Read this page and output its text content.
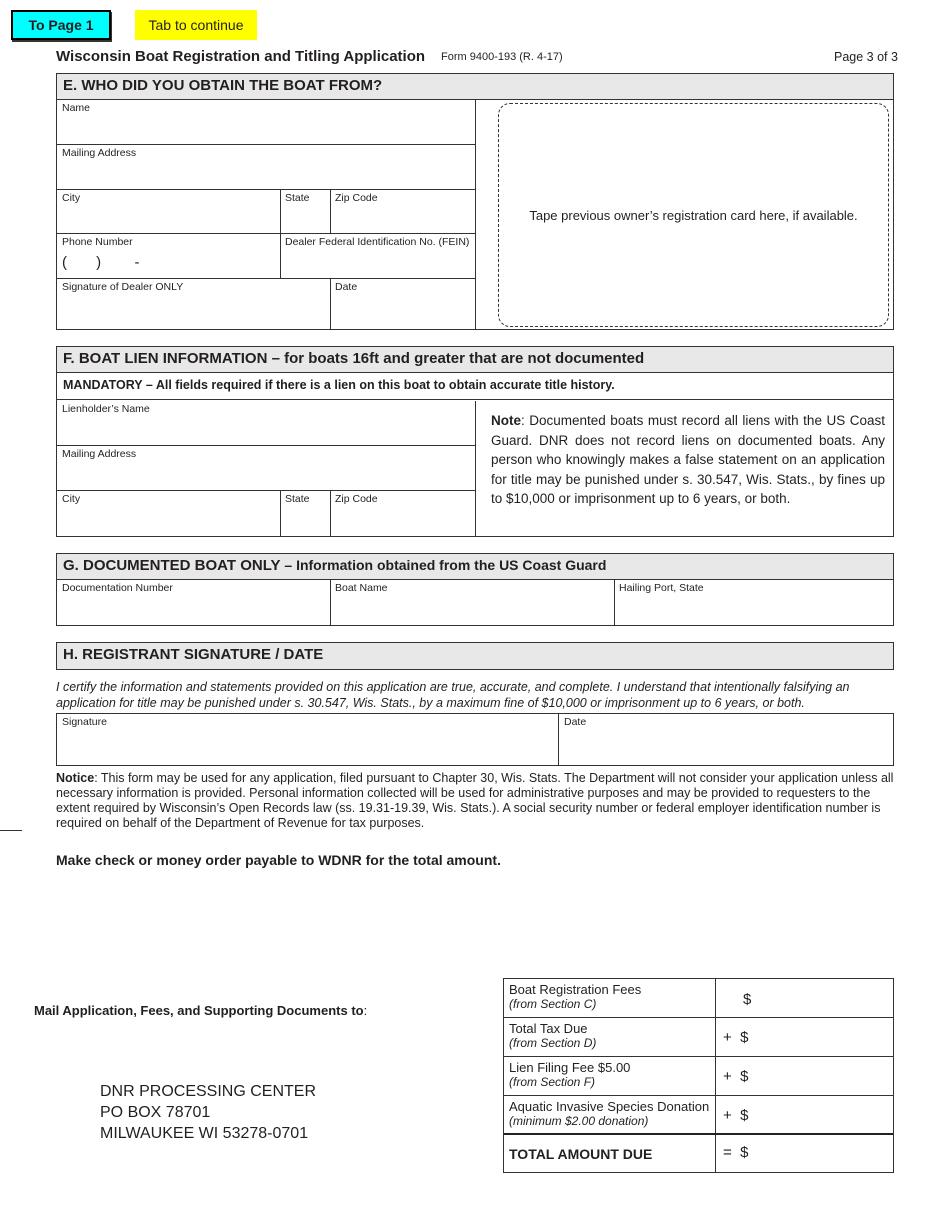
To Page 1	Tab to continue
Wisconsin Boat Registration and Titling Application Form 9400-193 (R. 4-17)	Page 3 of 3
E. WHO DID YOU OBTAIN THE BOAT FROM?
Name
Mailing Address
City	State	Zip Code
Phone Number
(       )        -
Dealer Federal Identification No. (FEIN)
Signature of Dealer ONLY	Date
Tape previous owner’s registration card here, if available.
F. BOAT LIEN INFORMATION – for boats 16ft and greater that are not documented
MANDATORY – All fields required if there is a lien on this boat to obtain accurate title history.
Lienholder’s Name
Mailing Address
City	State	Zip Code
Note: Documented boats must record all liens with the US Coast Guard. DNR does not record liens on documented boats. Any person who knowingly makes a false statement on an application for title may be punished under s. 30.547, Wis. Stats., by fines up to $10,000 or imprisonment up to 6 years, or both.
G. DOCUMENTED BOAT ONLY – Information obtained from the US Coast Guard
Documentation Number	Boat Name	Hailing Port, State
H. REGISTRANT SIGNATURE / DATE
I certify the information and statements provided on this application are true, accurate, and complete. I understand that intentionally falsifying an application for title may be punished under s. 30.547, Wis. Stats., by a maximum fine of $10,000 or imprisonment up to 6 years, or both.
Signature	Date
Notice: This form may be used for any application, filed pursuant to Chapter 30, Wis. Stats. The Department will not consider your application unless all necessary information is provided. Personal information collected will be used for administrative purposes and may be provided to requesters to the extent required by Wisconsin’s Open Records law (ss. 19.31-19.39, Wis. Stats.). A social security number or federal employer identification number is required on behalf of the Department of Revenue for tax purposes.
Make check or money order payable to WDNR for the total amount.
Mail Application, Fees, and Supporting Documents to:
DNR PROCESSING CENTER
PO BOX 78701
MILWAUKEE WI 53278-0701
Boat Registration Fees
(from Section C)	$
Total Tax Due
(from Section D)	+  $
Lien Filing Fee $5.00
(from Section F)	+  $
Aquatic Invasive Species Donation
(minimum $2.00 donation)	+  $
TOTAL AMOUNT DUE	=  $
